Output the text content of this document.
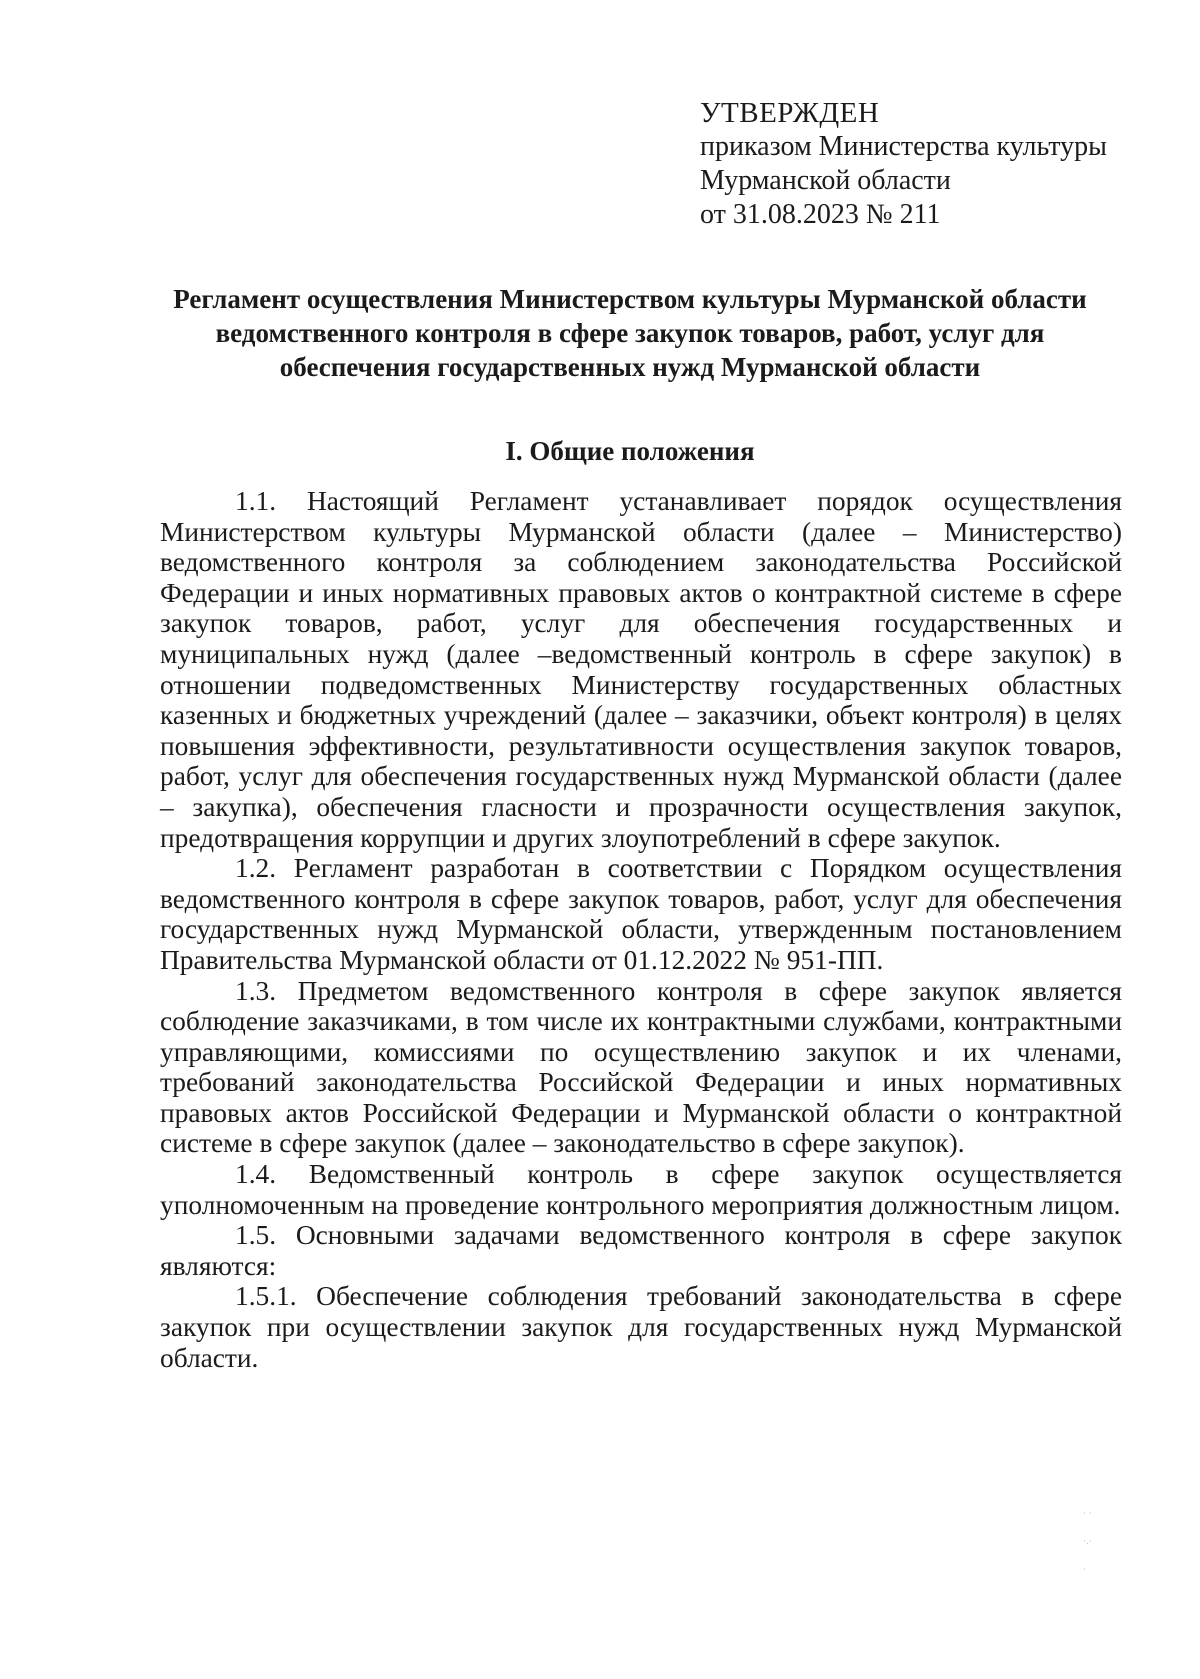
УТВЕРЖДЕН
приказом Министерства культуры
Мурманской области
от 31.08.2023 № 211
Регламент осуществления Министерством культуры Мурманской области ведомственного контроля в сфере закупок товаров, работ, услуг для обеспечения государственных нужд Мурманской области
I. Общие положения

1.1. Настоящий Регламент устанавливает порядок осуществления Министерством культуры Мурманской области (далее – Министерство) ведомственного контроля за соблюдением законодательства Российской Федерации и иных нормативных правовых актов о контрактной системе в сфере закупок товаров, работ, услуг для обеспечения государственных и муниципальных нужд (далее –ведомственный контроль в сфере закупок) в отношении подведомственных Министерству государственных областных казенных и бюджетных учреждений (далее – заказчики, объект контроля) в целях повышения эффективности, результативности осуществления закупок товаров, работ, услуг для обеспечения государственных нужд Мурманской области (далее – закупка), обеспечения гласности и прозрачности осуществления закупок, предотвращения коррупции и других злоупотреблений в сфере закупок.

1.2. Регламент разработан в соответствии с Порядком осуществления ведомственного контроля в сфере закупок товаров, работ, услуг для обеспечения государственных нужд Мурманской области, утвержденным постановлением Правительства Мурманской области от 01.12.2022 № 951-ПП.

1.3. Предметом ведомственного контроля в сфере закупок является соблюдение заказчиками, в том числе их контрактными службами, контрактными управляющими, комиссиями по осуществлению закупок и их членами, требований законодательства Российской Федерации и иных нормативных правовых актов Российской Федерации и Мурманской области о контрактной системе в сфере закупок (далее – законодательство в сфере закупок).

1.4. Ведомственный контроль в сфере закупок осуществляется уполномоченным на проведение контрольного мероприятия должностным лицом.

1.5. Основными задачами ведомственного контроля в сфере закупок являются:

1.5.1. Обеспечение соблюдения требований законодательства в сфере закупок при осуществлении закупок для государственных нужд Мурманской области.

· ·
·.·
·
